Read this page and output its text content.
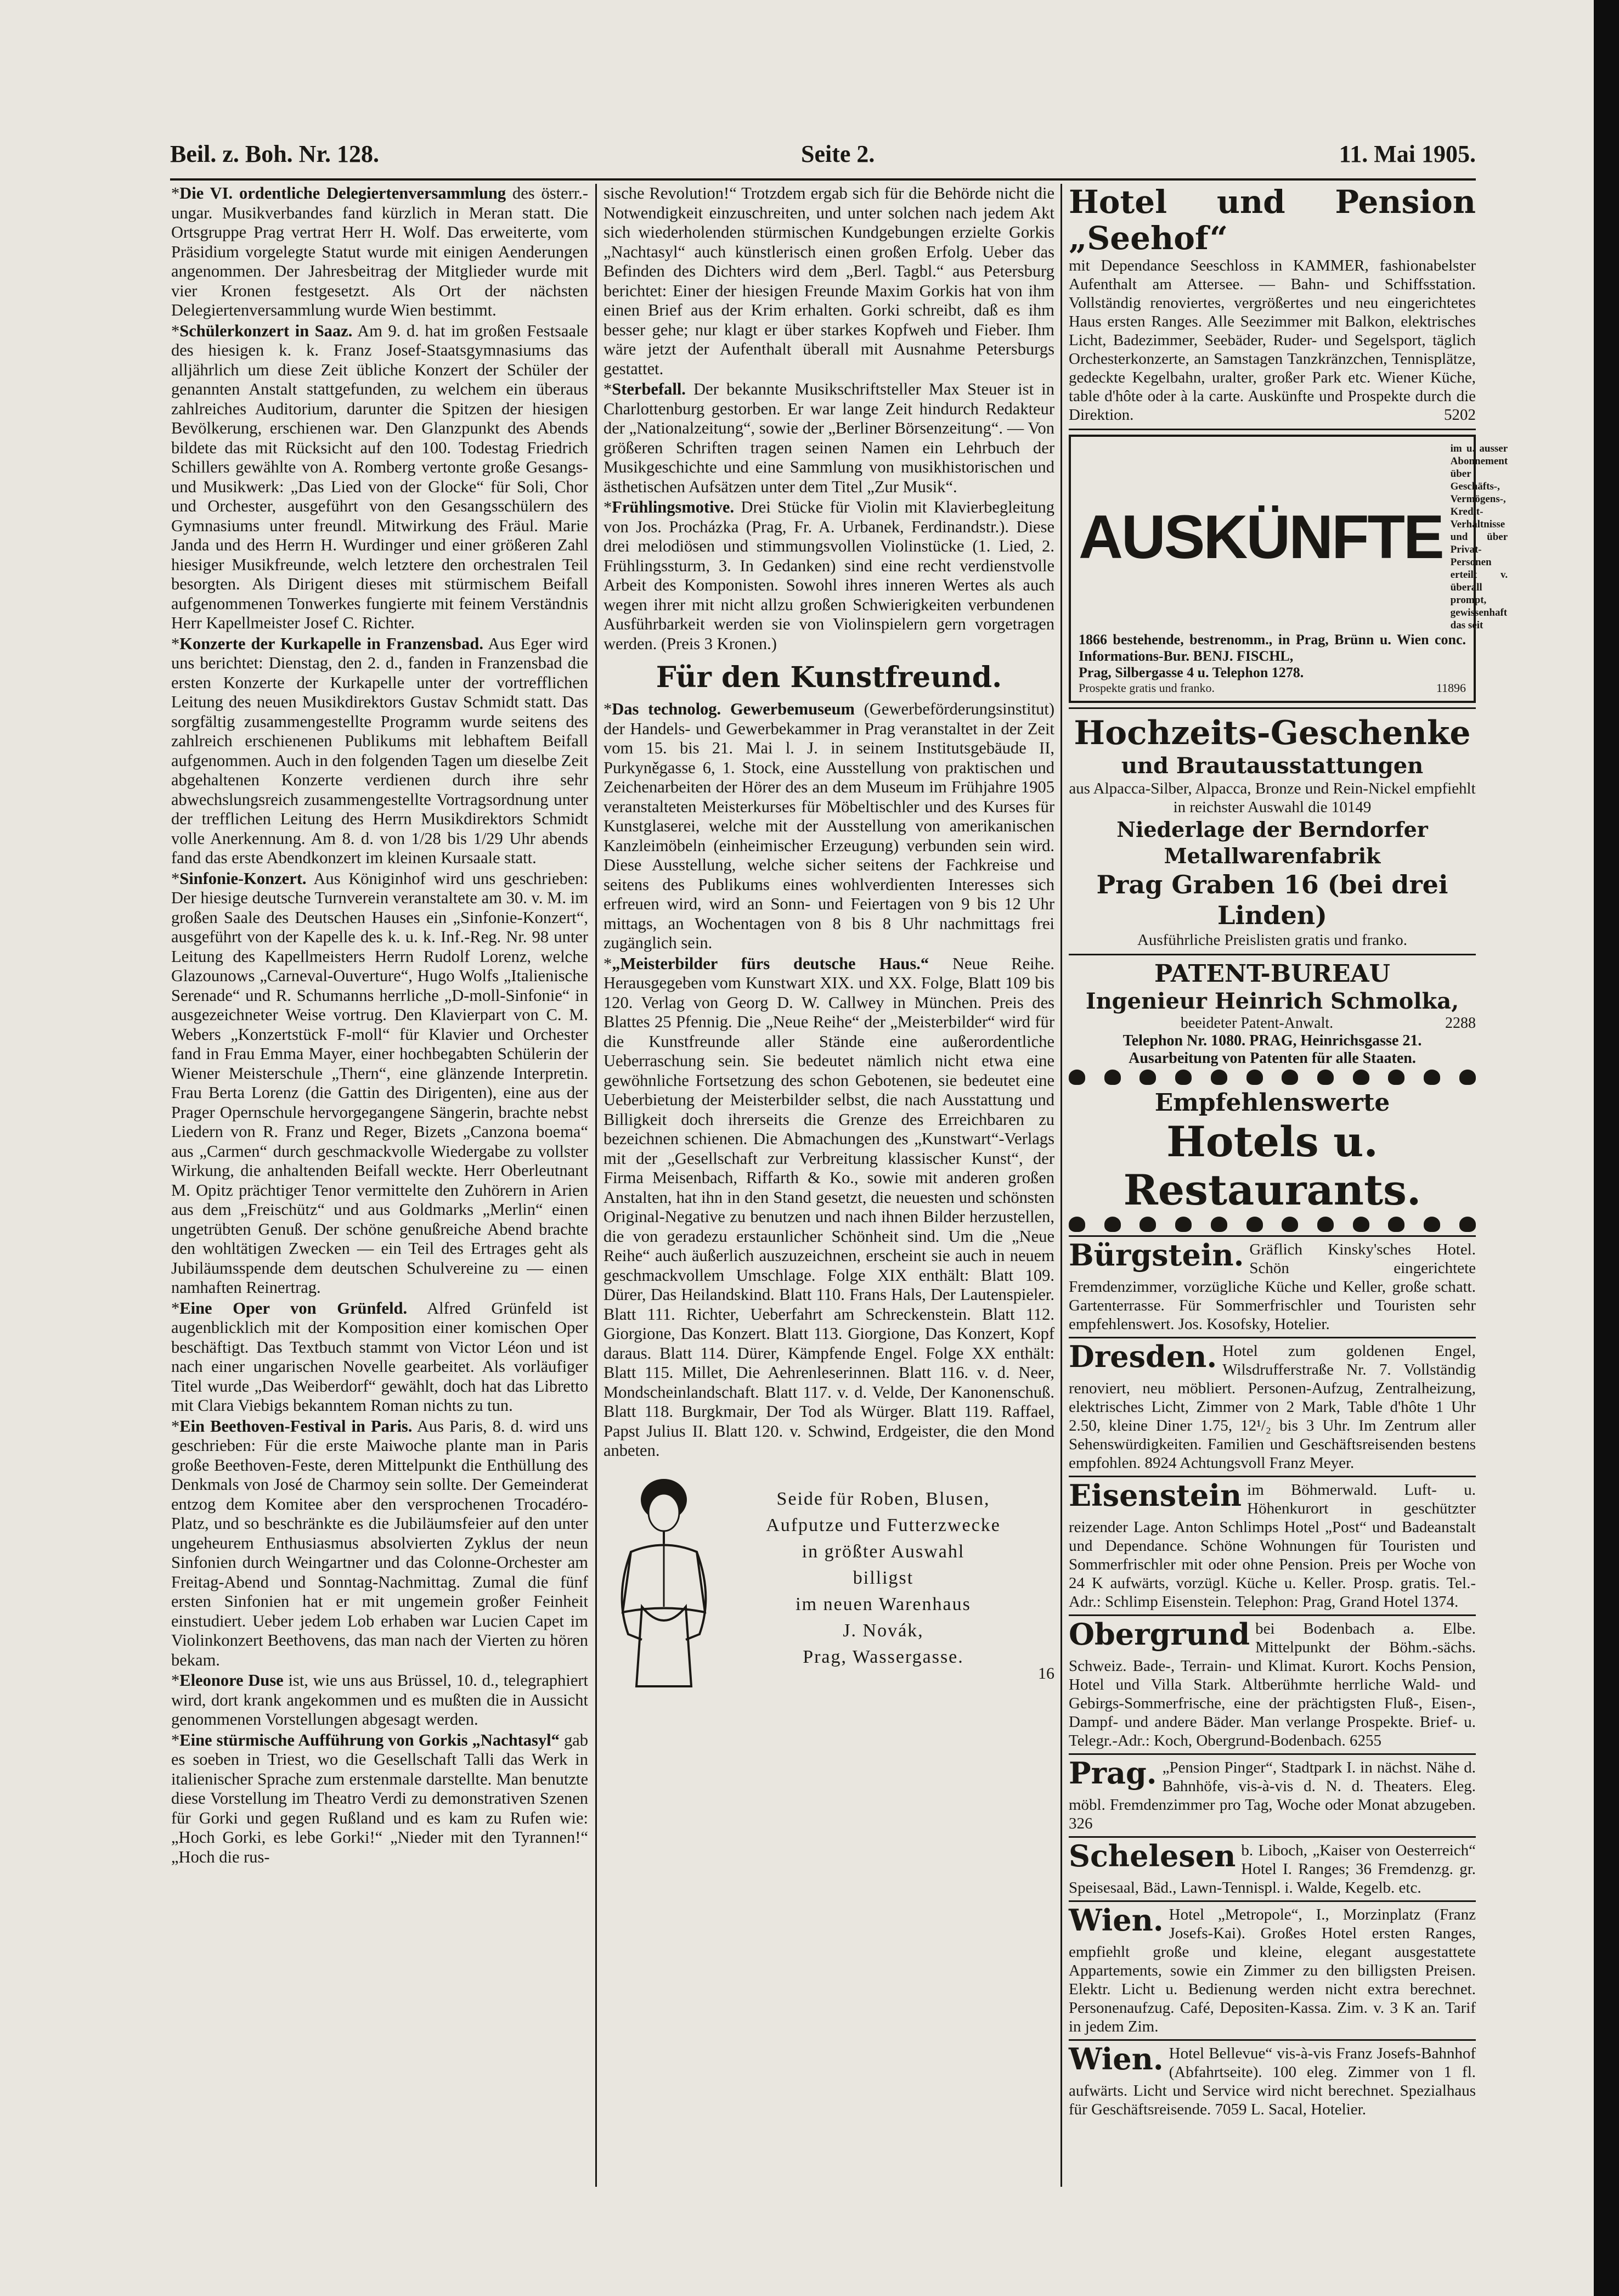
Beil. z. Boh. Nr. 128.	Seite 2.	11. Mai 1905.

*Die VI. ordentliche Delegiertenversammlung des österr.-ungar. Musikverbandes fand kürzlich in Meran statt. Die Ortsgruppe Prag vertrat Herr H. Wolf. Das erweiterte, vom Präsidium vorgelegte Statut wurde mit einigen Aenderungen angenommen. Der Jahresbeitrag der Mitglieder wurde mit vier Kronen festgesetzt. Als Ort der nächsten Delegiertenversammlung wurde Wien bestimmt.

*Schülerkonzert in Saaz. Am 9. d. hat im großen Festsaale des hiesigen k. k. Franz Josef-Staatsgymnasiums das alljährlich um diese Zeit übliche Konzert der Schüler der genannten Anstalt stattgefunden, zu welchem ein überaus zahlreiches Auditorium, darunter die Spitzen der hiesigen Bevölkerung, erschienen war. Den Glanzpunkt des Abends bildete das mit Rücksicht auf den 100. Todestag Friedrich Schillers gewählte von A. Romberg vertonte große Gesangs- und Musikwerk: „Das Lied von der Glocke“ für Soli, Chor und Orchester, ausgeführt von den Gesangsschülern des Gymnasiums unter freundl. Mitwirkung des Fräul. Marie Janda und des Herrn H. Wurdinger und einer größeren Zahl hiesiger Musikfreunde, welch letztere den orchestralen Teil besorgten. Als Dirigent dieses mit stürmischem Beifall aufgenommenen Tonwerkes fungierte mit feinem Verständnis Herr Kapellmeister Josef C. Richter.

*Konzerte der Kurkapelle in Franzensbad. Aus Eger wird uns berichtet: Dienstag, den 2. d., fanden in Franzensbad die ersten Konzerte der Kurkapelle unter der vortrefflichen Leitung des neuen Musikdirektors Gustav Schmidt statt. Das sorgfältig zusammengestellte Programm wurde seitens des zahlreich erschienenen Publikums mit lebhaftem Beifall aufgenommen. Auch in den folgenden Tagen um dieselbe Zeit abgehaltenen Konzerte verdienen durch ihre sehr abwechslungsreich zusammengestellte Vortragsordnung unter der trefflichen Leitung des Herrn Musikdirektors Schmidt volle Anerkennung. Am 8. d. von 1/28 bis 1/29 Uhr abends fand das erste Abendkonzert im kleinen Kursaale statt.

*Sinfonie-Konzert. Aus Königinhof wird uns geschrieben: Der hiesige deutsche Turnverein veranstaltete am 30. v. M. im großen Saale des Deutschen Hauses ein „Sinfonie-Konzert“, ausgeführt von der Kapelle des k. u. k. Inf.-Reg. Nr. 98 unter Leitung des Kapellmeisters Herrn Rudolf Lorenz, welche Glazounows „Carneval-Ouverture“, Hugo Wolfs „Italienische Serenade“ und R. Schumanns herrliche „D-moll-Sinfonie“ in ausgezeichneter Weise vortrug. Den Klavierpart von C. M. Webers „Konzertstück F-moll“ für Klavier und Orchester fand in Frau Emma Mayer, einer hochbegabten Schülerin der Wiener Meisterschule „Thern“, eine glänzende Interpretin. Frau Berta Lorenz (die Gattin des Dirigenten), eine aus der Prager Opernschule hervorgegangene Sängerin, brachte nebst Liedern von R. Franz und Reger, Bizets „Canzona boema“ aus „Carmen“ durch geschmackvolle Wiedergabe zu vollster Wirkung, die anhaltenden Beifall weckte. Herr Oberleutnant M. Opitz prächtiger Tenor vermittelte den Zuhörern in Arien aus dem „Freischütz“ und aus Goldmarks „Merlin“ einen ungetrübten Genuß. Der schöne genußreiche Abend brachte den wohltätigen Zwecken — ein Teil des Ertrages geht als Jubiläumsspende dem deutschen Schulvereine zu — einen namhaften Reinertrag.

*Eine Oper von Grünfeld. Alfred Grünfeld ist augenblicklich mit der Komposition einer komischen Oper beschäftigt. Das Textbuch stammt von Victor Léon und ist nach einer ungarischen Novelle gearbeitet. Als vorläufiger Titel wurde „Das Weiberdorf“ gewählt, doch hat das Libretto mit Clara Viebigs bekanntem Roman nichts zu tun.

*Ein Beethoven-Festival in Paris. Aus Paris, 8. d. wird uns geschrieben: Für die erste Maiwoche plante man in Paris große Beethoven-Feste, deren Mittelpunkt die Enthüllung des Denkmals von José de Charmoy sein sollte. Der Gemeinderat entzog dem Komitee aber den versprochenen Trocadéro-Platz, und so beschränkte es die Jubiläumsfeier auf den unter ungeheurem Enthusiasmus absolvierten Zyklus der neun Sinfonien durch Weingartner und das Colonne-Orchester am Freitag-Abend und Sonntag-Nachmittag. Zumal die fünf ersten Sinfonien hat er mit ungemein großer Feinheit einstudiert. Ueber jedem Lob erhaben war Lucien Capet im Violinkonzert Beethovens, das man nach der Vierten zu hören bekam.

*Eleonore Duse ist, wie uns aus Brüssel, 10. d., telegraphiert wird, dort krank angekommen und es mußten die in Aussicht genommenen Vorstellungen abgesagt werden.

*Eine stürmische Aufführung von Gorkis „Nachtasyl“ gab es soeben in Triest, wo die Gesellschaft Talli das Werk in italienischer Sprache zum erstenmale darstellte. Man benutzte diese Vorstellung im Theatro Verdi zu demonstrativen Szenen für Gorki und gegen Rußland und es kam zu Rufen wie: „Hoch Gorki, es lebe Gorki!“ „Nieder mit den Tyrannen!“ „Hoch die rus-

sische Revolution!“ Trotzdem ergab sich für die Behörde nicht die Notwendigkeit einzuschreiten, und unter solchen nach jedem Akt sich wiederholenden stürmischen Kundgebungen erzielte Gorkis „Nachtasyl“ auch künstlerisch einen großen Erfolg. Ueber das Befinden des Dichters wird dem „Berl. Tagbl.“ aus Petersburg berichtet: Einer der hiesigen Freunde Maxim Gorkis hat von ihm einen Brief aus der Krim erhalten. Gorki schreibt, daß es ihm besser gehe; nur klagt er über starkes Kopfweh und Fieber. Ihm wäre jetzt der Aufenthalt überall mit Ausnahme Petersburgs gestattet.

*Sterbefall. Der bekannte Musikschriftsteller Max Steuer ist in Charlottenburg gestorben. Er war lange Zeit hindurch Redakteur der „Nationalzeitung“, sowie der „Berliner Börsenzeitung“. — Von größeren Schriften tragen seinen Namen ein Lehrbuch der Musikgeschichte und eine Sammlung von musikhistorischen und ästhetischen Aufsätzen unter dem Titel „Zur Musik“.

*Frühlingsmotive. Drei Stücke für Violin mit Klavierbegleitung von Jos. Procházka (Prag, Fr. A. Urbanek, Ferdinandstr.). Diese drei melodiösen und stimmungsvollen Violinstücke (1. Lied, 2. Frühlingssturm, 3. In Gedanken) sind eine recht verdienstvolle Arbeit des Komponisten. Sowohl ihres inneren Wertes als auch wegen ihrer mit nicht allzu großen Schwierigkeiten verbundenen Ausführbarkeit werden sie von Violinspielern gern vorgetragen werden. (Preis 3 Kronen.)

Für den Kunstfreund.

*Das technolog. Gewerbemuseum (Gewerbeförderungsinstitut) der Handels- und Gewerbekammer in Prag veranstaltet in der Zeit vom 15. bis 21. Mai l. J. in seinem Institutsgebäude II, Purkyněgasse 6, 1. Stock, eine Ausstellung von praktischen und Zeichenarbeiten der Hörer des an dem Museum im Frühjahre 1905 veranstalteten Meisterkurses für Möbeltischler und des Kurses für Kunstglaserei, welche mit der Ausstellung von amerikanischen Kanzleimöbeln (einheimischer Erzeugung) verbunden sein wird. Diese Ausstellung, welche sicher seitens der Fachkreise und seitens des Publikums eines wohlverdienten Interesses sich erfreuen wird, wird an Sonn- und Feiertagen von 9 bis 12 Uhr mittags, an Wochentagen von 8 bis 8 Uhr nachmittags frei zugänglich sein.

*„Meisterbilder fürs deutsche Haus.“ Neue Reihe. Herausgegeben vom Kunstwart XIX. und XX. Folge, Blatt 109 bis 120. Verlag von Georg D. W. Callwey in München. Preis des Blattes 25 Pfennig. Die „Neue Reihe“ der „Meisterbilder“ wird für die Kunstfreunde aller Stände eine außerordentliche Ueberraschung sein. Sie bedeutet nämlich nicht etwa eine gewöhnliche Fortsetzung des schon Gebotenen, sie bedeutet eine Ueberbietung der Meisterbilder selbst, die nach Ausstattung und Billigkeit doch ihrerseits die Grenze des Erreichbaren zu bezeichnen schienen. Die Abmachungen des „Kunstwart“-Verlags mit der „Gesellschaft zur Verbreitung klassischer Kunst“, der Firma Meisenbach, Riffarth & Ko., sowie mit anderen großen Anstalten, hat ihn in den Stand gesetzt, die neuesten und schönsten Original-Negative zu benutzen und nach ihnen Bilder herzustellen, die von geradezu erstaunlicher Schönheit sind. Um die „Neue Reihe“ auch äußerlich auszuzeichnen, erscheint sie auch in neuem geschmackvollem Umschlage. Folge XIX enthält: Blatt 109. Dürer, Das Heilandskind. Blatt 110. Frans Hals, Der Lautenspieler. Blatt 111. Richter, Ueberfahrt am Schreckenstein. Blatt 112. Giorgione, Das Konzert. Blatt 113. Giorgione, Das Konzert, Kopf daraus. Blatt 114. Dürer, Kämpfende Engel. Folge XX enthält: Blatt 115. Millet, Die Aehrenleserinnen. Blatt 116. v. d. Neer, Mondscheinlandschaft. Blatt 117. v. d. Velde, Der Kanonenschuß. Blatt 118. Burgkmair, Der Tod als Würger. Blatt 119. Raffael, Papst Julius II. Blatt 120. v. Schwind, Erdgeister, die den Mond anbeten.

Seide für Roben, Blusen,
Aufputze und Futterzwecke
in größter Auswahl
billigst
im neuen Warenhaus
J. Novák,
Prag, Wassergasse.
16
Hotel und Pension „Seehof“

mit Dependance Seeschloss in KAMMER, fashionabelster Aufenthalt am Attersee. — Bahn- und Schiffsstation. Vollständig renoviertes, vergrößertes und neu eingerichtetes Haus ersten Ranges. Alle Seezimmer mit Balkon, elektrisches Licht, Badezimmer, Seebäder, Ruder- und Segelsport, täglich Orchesterkonzerte, an Samstagen Tanzkränzchen, Tennisplätze, gedeckte Kegelbahn, uralter, großer Park etc. Wiener Küche, table d'hôte oder à la carte. Auskünfte und Prospekte durch die Direktion.	5202

AUSKÜNFTE
im u. ausser Abonnement über Geschäfts-, Vermögens-, Kredit-Verhältnisse und über Privat-Personen erteilt v. überall prompt, gewissenhaft das seit
1866 bestehende, bestrenomm., in Prag, Brünn u. Wien conc. Informations-Bur. BENJ. FISCHL,
Prag, Silbergasse 4 u. Telephon 1278.
Prospekte gratis und franko.	11896
Hochzeits-Geschenke
und Brautausstattungen
aus Alpacca-Silber, Alpacca, Bronze und Rein-Nickel empfiehlt in reichster Auswahl die 10149
Niederlage der Berndorfer Metallwarenfabrik
Prag Graben 16 (bei drei Linden)
Ausführliche Preislisten gratis und franko.
PATENT-BUREAU
Ingenieur Heinrich Schmolka,
beeideter Patent-Anwalt.	2288
Telephon Nr. 1080. PRAG, Heinrichsgasse 21.
Ausarbeitung von Patenten für alle Staaten.
Empfehlenswerte
Hotels u. Restaurants.
Bürgstein. Gräflich Kinsky'sches Hotel. Schön eingerichtete Fremdenzimmer, vorzügliche Küche und Keller, große schatt. Gartenterrasse. Für Sommerfrischler und Touristen sehr empfehlenswert. Jos. Kosofsky, Hotelier.
Dresden. Hotel zum goldenen Engel, Wilsdrufferstraße Nr. 7. Vollständig renoviert, neu möbliert. Personen-Aufzug, Zentralheizung, elektrisches Licht, Zimmer von 2 Mark, Table d'hôte 1 Uhr 2.50, kleine Diner 1.75, 12¹/₂ bis 3 Uhr. Im Zentrum aller Sehenswürdigkeiten. Familien und Geschäftsreisenden bestens empfohlen. 8924 Achtungsvoll Franz Meyer.
Eisenstein im Böhmerwald. Luft- u. Höhenkurort in geschützter reizender Lage. Anton Schlimps Hotel „Post“ und Badeanstalt und Dependance. Schöne Wohnungen für Touristen und Sommerfrischler mit oder ohne Pension. Preis per Woche von 24 K aufwärts, vorzügl. Küche u. Keller. Prosp. gratis. Tel.-Adr.: Schlimp Eisenstein. Telephon: Prag, Grand Hotel 1374.
Obergrund bei Bodenbach a. Elbe. Mittelpunkt der Böhm.-sächs. Schweiz. Bade-, Terrain- und Klimat. Kurort. Kochs Pension, Hotel und Villa Stark. Altberühmte herrliche Wald- und Gebirgs-Sommerfrische, eine der prächtigsten Fluß-, Eisen-, Dampf- und andere Bäder. Man verlange Prospekte. Brief- u. Telegr.-Adr.: Koch, Obergrund-Bodenbach. 6255
Prag. „Pension Pinger“, Stadtpark I. in nächst. Nähe d. Bahnhöfe, vis-à-vis d. N. d. Theaters. Eleg. möbl. Fremdenzimmer pro Tag, Woche oder Monat abzugeben. 326
Schelesen b. Liboch, „Kaiser von Oesterreich“ Hotel I. Ranges; 36 Fremdenzg. gr. Speisesaal, Bäd., Lawn-Tennispl. i. Walde, Kegelb. etc.
Wien. Hotel „Metropole“, I., Morzinplatz (Franz Josefs-Kai). Großes Hotel ersten Ranges, empfiehlt große und kleine, elegant ausgestattete Appartements, sowie ein Zimmer zu den billigsten Preisen. Elektr. Licht u. Bedienung werden nicht extra berechnet. Personenaufzug. Café, Depositen-Kassa. Zim. v. 3 K an. Tarif in jedem Zim.
Wien. Hotel Bellevue“ vis-à-vis Franz Josefs-Bahnhof (Abfahrtseite). 100 eleg. Zimmer von 1 fl. aufwärts. Licht und Service wird nicht berechnet. Spezialhaus für Geschäftsreisende. 7059 L. Sacal, Hotelier.
